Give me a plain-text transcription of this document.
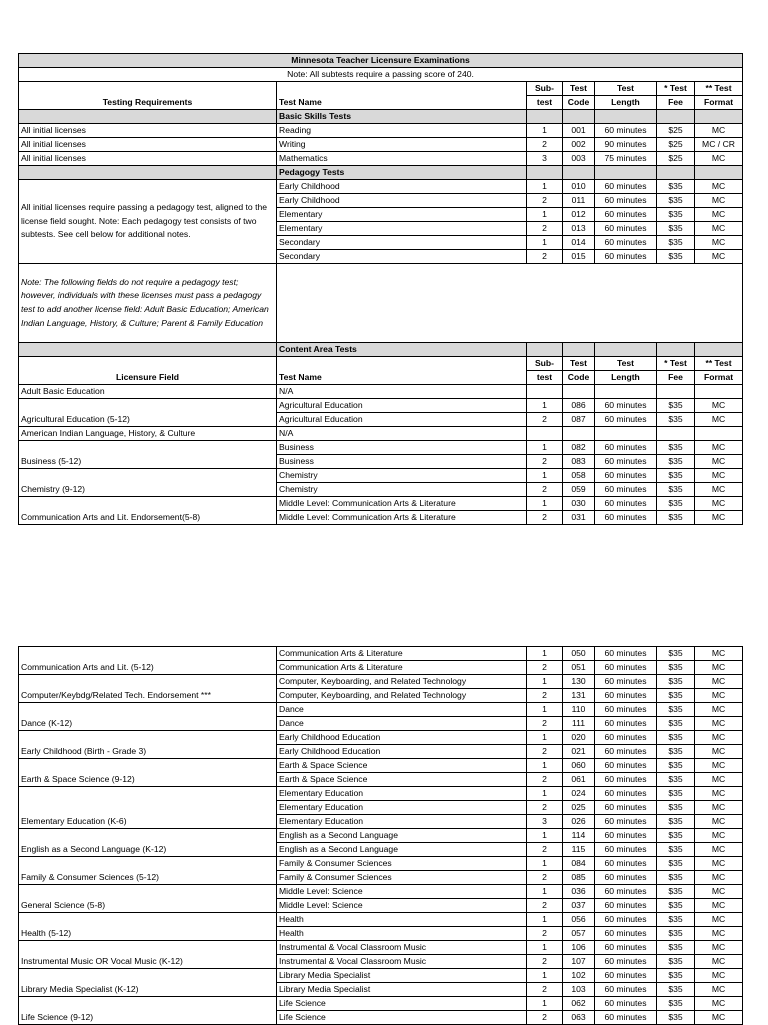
Minnesota Teacher Licensure Examinations						
Note: All subtests require a passing score of 240.						
		Sub-	Test	Test	* Test	** Test
Testing Requirements	Test Name	test	Code	Length	Fee	Format
	Basic Skills Tests					
All initial licenses	Reading	1	001	60 minutes	$25	MC
All initial licenses	Writing	2	002	90 minutes	$25	MC / CR
All initial licenses	Mathematics	3	003	75 minutes	$25	MC
	Pedagogy Tests					
All initial licenses require passing a pedagogy test, aligned to the license field sought. Note: Each pedagogy test consists of two subtests. See cell below for additional notes.	Early Childhood	1	010	60 minutes	$35	MC
	Early Childhood	2	011	60 minutes	$35	MC
	Elementary	1	012	60 minutes	$35	MC
	Elementary	2	013	60 minutes	$35	MC
	Secondary	1	014	60 minutes	$35	MC
	Secondary	2	015	60 minutes	$35	MC
Note: The following fields do not require a pedagogy test; however, individuals with these licenses must pass a pedagogy test to add another license field: Adult Basic Education; American Indian Language, History, & Culture; Parent & Family Education						
	Content Area Tests					
		Sub-	Test	Test	* Test	** Test
Licensure Field	Test Name	test	Code	Length	Fee	Format
Adult Basic Education	N/A					
Agricultural Education (5-12)	Agricultural Education	1	086	60 minutes	$35	MC
	Agricultural Education	2	087	60 minutes	$35	MC
American Indian Language, History, & Culture	N/A					
Business (5-12)	Business	1	082	60 minutes	$35	MC
	Business	2	083	60 minutes	$35	MC
Chemistry (9-12)	Chemistry	1	058	60 minutes	$35	MC
	Chemistry	2	059	60 minutes	$35	MC
Communication Arts and Lit. Endorsement(5-8)	Middle Level: Communication Arts & Literature	1	030	60 minutes	$35	MC
	Middle Level: Communication Arts & Literature	2	031	60 minutes	$35	MC
Communication Arts and Lit. (5-12)	Communication Arts & Literature	1	050	60 minutes	$35	MC
	Communication Arts & Literature	2	051	60 minutes	$35	MC
Computer/Keybdg/Related Tech. Endorsement ***	Computer, Keyboarding, and Related Technology	1	130	60 minutes	$35	MC
	Computer, Keyboarding, and Related Technology	2	131	60 minutes	$35	MC
Dance (K-12)	Dance	1	110	60 minutes	$35	MC
	Dance	2	111	60 minutes	$35	MC
Early Childhood (Birth - Grade 3)	Early Childhood Education	1	020	60 minutes	$35	MC
	Early Childhood Education	2	021	60 minutes	$35	MC
Earth & Space Science (9-12)	Earth & Space Science	1	060	60 minutes	$35	MC
	Earth & Space Science	2	061	60 minutes	$35	MC
Elementary Education (K-6)	Elementary Education	1	024	60 minutes	$35	MC
	Elementary Education	2	025	60 minutes	$35	MC
	Elementary Education	3	026	60 minutes	$35	MC
English as a Second Language (K-12)	English as a Second Language	1	114	60 minutes	$35	MC
	English as a Second Language	2	115	60 minutes	$35	MC
Family & Consumer Sciences (5-12)	Family & Consumer Sciences	1	084	60 minutes	$35	MC
	Family & Consumer Sciences	2	085	60 minutes	$35	MC
General Science (5-8)	Middle Level: Science	1	036	60 minutes	$35	MC
	Middle Level: Science	2	037	60 minutes	$35	MC
Health (5-12)	Health	1	056	60 minutes	$35	MC
	Health	2	057	60 minutes	$35	MC
Instrumental Music OR Vocal Music (K-12)	Instrumental & Vocal Classroom Music	1	106	60 minutes	$35	MC
	Instrumental & Vocal Classroom Music	2	107	60 minutes	$35	MC
Library Media Specialist (K-12)	Library Media Specialist	1	102	60 minutes	$35	MC
	Library Media Specialist	2	103	60 minutes	$35	MC
Life Science (9-12)	Life Science	1	062	60 minutes	$35	MC
	Life Science	2	063	60 minutes	$35	MC
